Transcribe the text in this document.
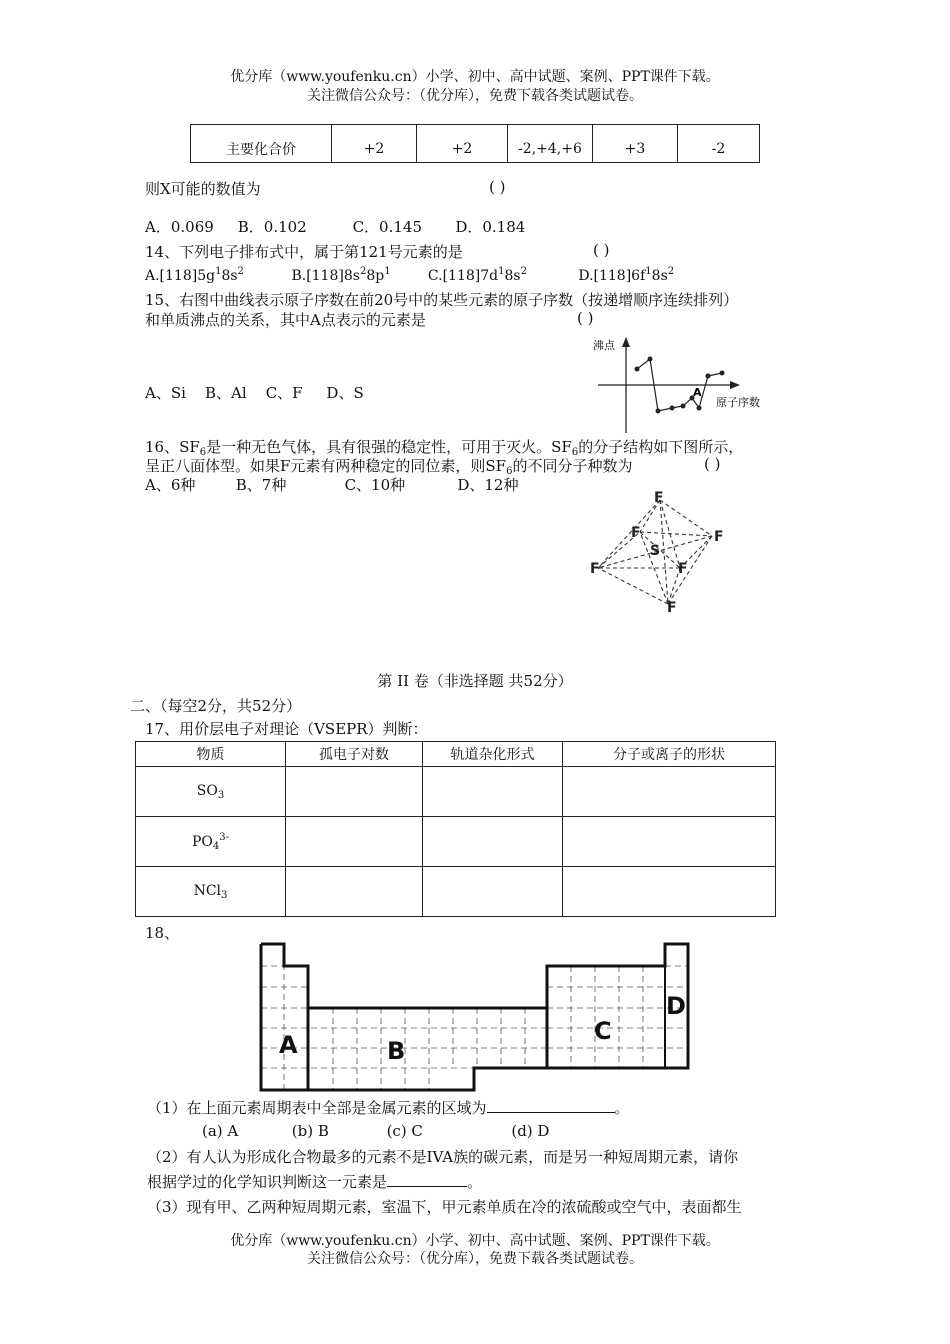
优分库（www.youfenku.cn）小学、初中、高中试题、案例、PPT课件下载。
关注微信公众号：（优分库），免费下载各类试题试卷。
主要化合价	+2	+2	-2,+4,+6	+3	-2
则X可能的数值为	( )
A．0.069 B．0.102	C．0.145 D．0.184
14、下列电子排布式中，属于第121号元素的是	( )
$A.[118]5g^18s^2$	$B.[118]8s^28p^1$	$C.[118]7d^18s^2$	$D.[118]6f^18s^2$
15、右图中曲线表示原子序数在前20号中的某些元素的原子序数（按递增顺序连续排列）
和单质沸点的关系，其中A点表示的元素是	( )
A、Si    B、Al    C、F     D、S
沸点
原子序数
A
16、$SF_6$是一种无色气体，具有很强的稳定性，可用于灭火。$SF_6$的分子结构如下图所示，
呈正八面体型。如果F元素有两种稳定的同位素，则$SF_6$的不同分子种数为	( )
A、6种	B、7种	C、10种	D、12种
F
F	F
F	F
F
S
第 II 卷（非选择题 共52分）
二、（每空2分，共52分）
17、用价层电子对理论（VSEPR）判断：
物质	孤电子对数	轨道杂化形式	分子或离子的形状
$SO_3$			
$PO_4^{3-}$			
NCl$_3$			
18、
A	B
C
D
（1）在上面元素周期表中全部是金属元素的区域为	。
(a) A	(b) B	(c) C	(d) D
（2）有人认为形成化合物最多的元素不是IVA族的碳元素，而是另一种短周期元素，请你
根据学过的化学知识判断这一元素是	。
（3）现有甲、乙两种短周期元素，室温下，甲元素单质在冷的浓硫酸或空气中，表面都生
优分库（www.youfenku.cn）小学、初中、高中试题、案例、PPT课件下载。
关注微信公众号：（优分库），免费下载各类试题试卷。
